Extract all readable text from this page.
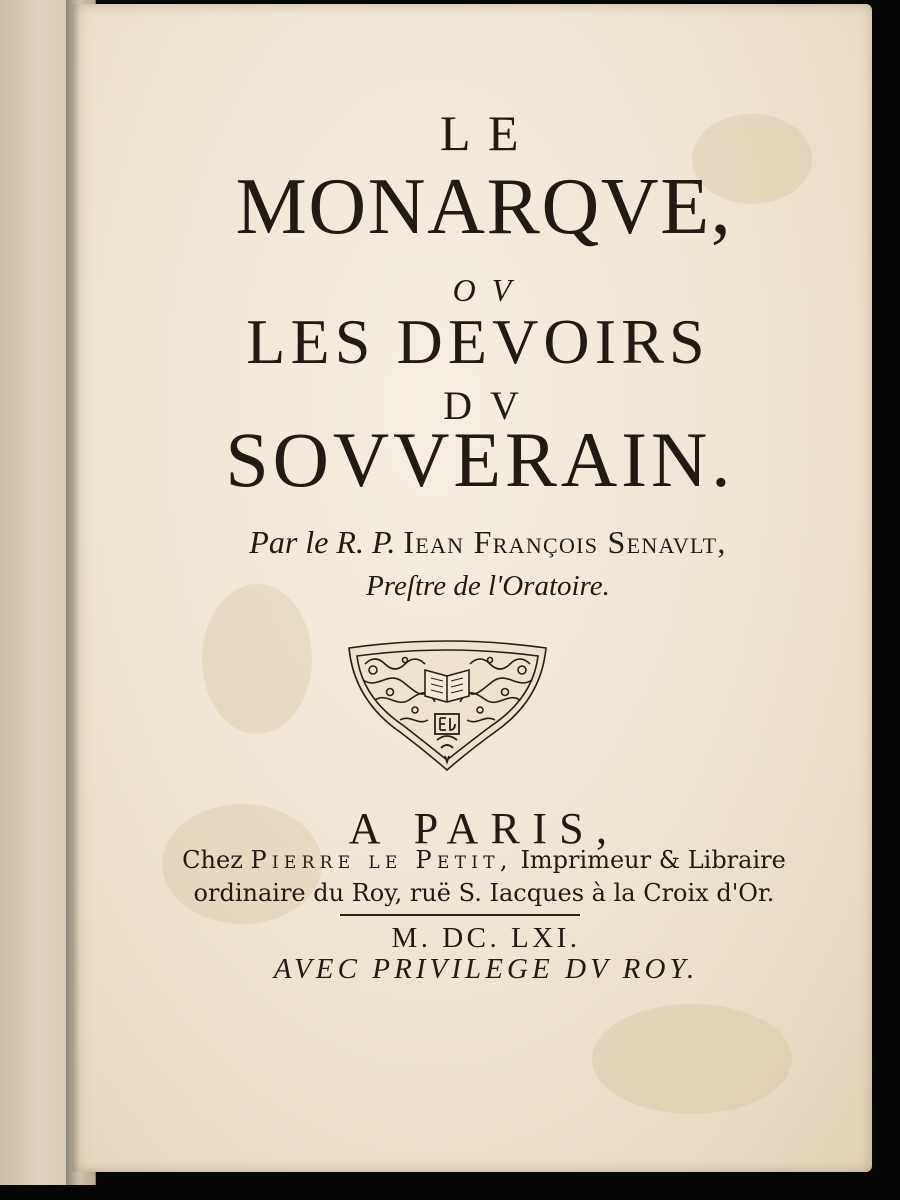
LE
MONARQVE,
OV
LES DEVOIRS
DV
SOVVERAIN.
Par le R. P. Iean François Senavlt,
Preſtre de l'Oratoire.
A PARIS,
Chez Pierre le Petit, Imprimeur & Libraire
ordinaire du Roy, ruë S. Iacques à la Croix d'Or.
M. DC. LXI.
AVEC PRIVILEGE DV ROY.
